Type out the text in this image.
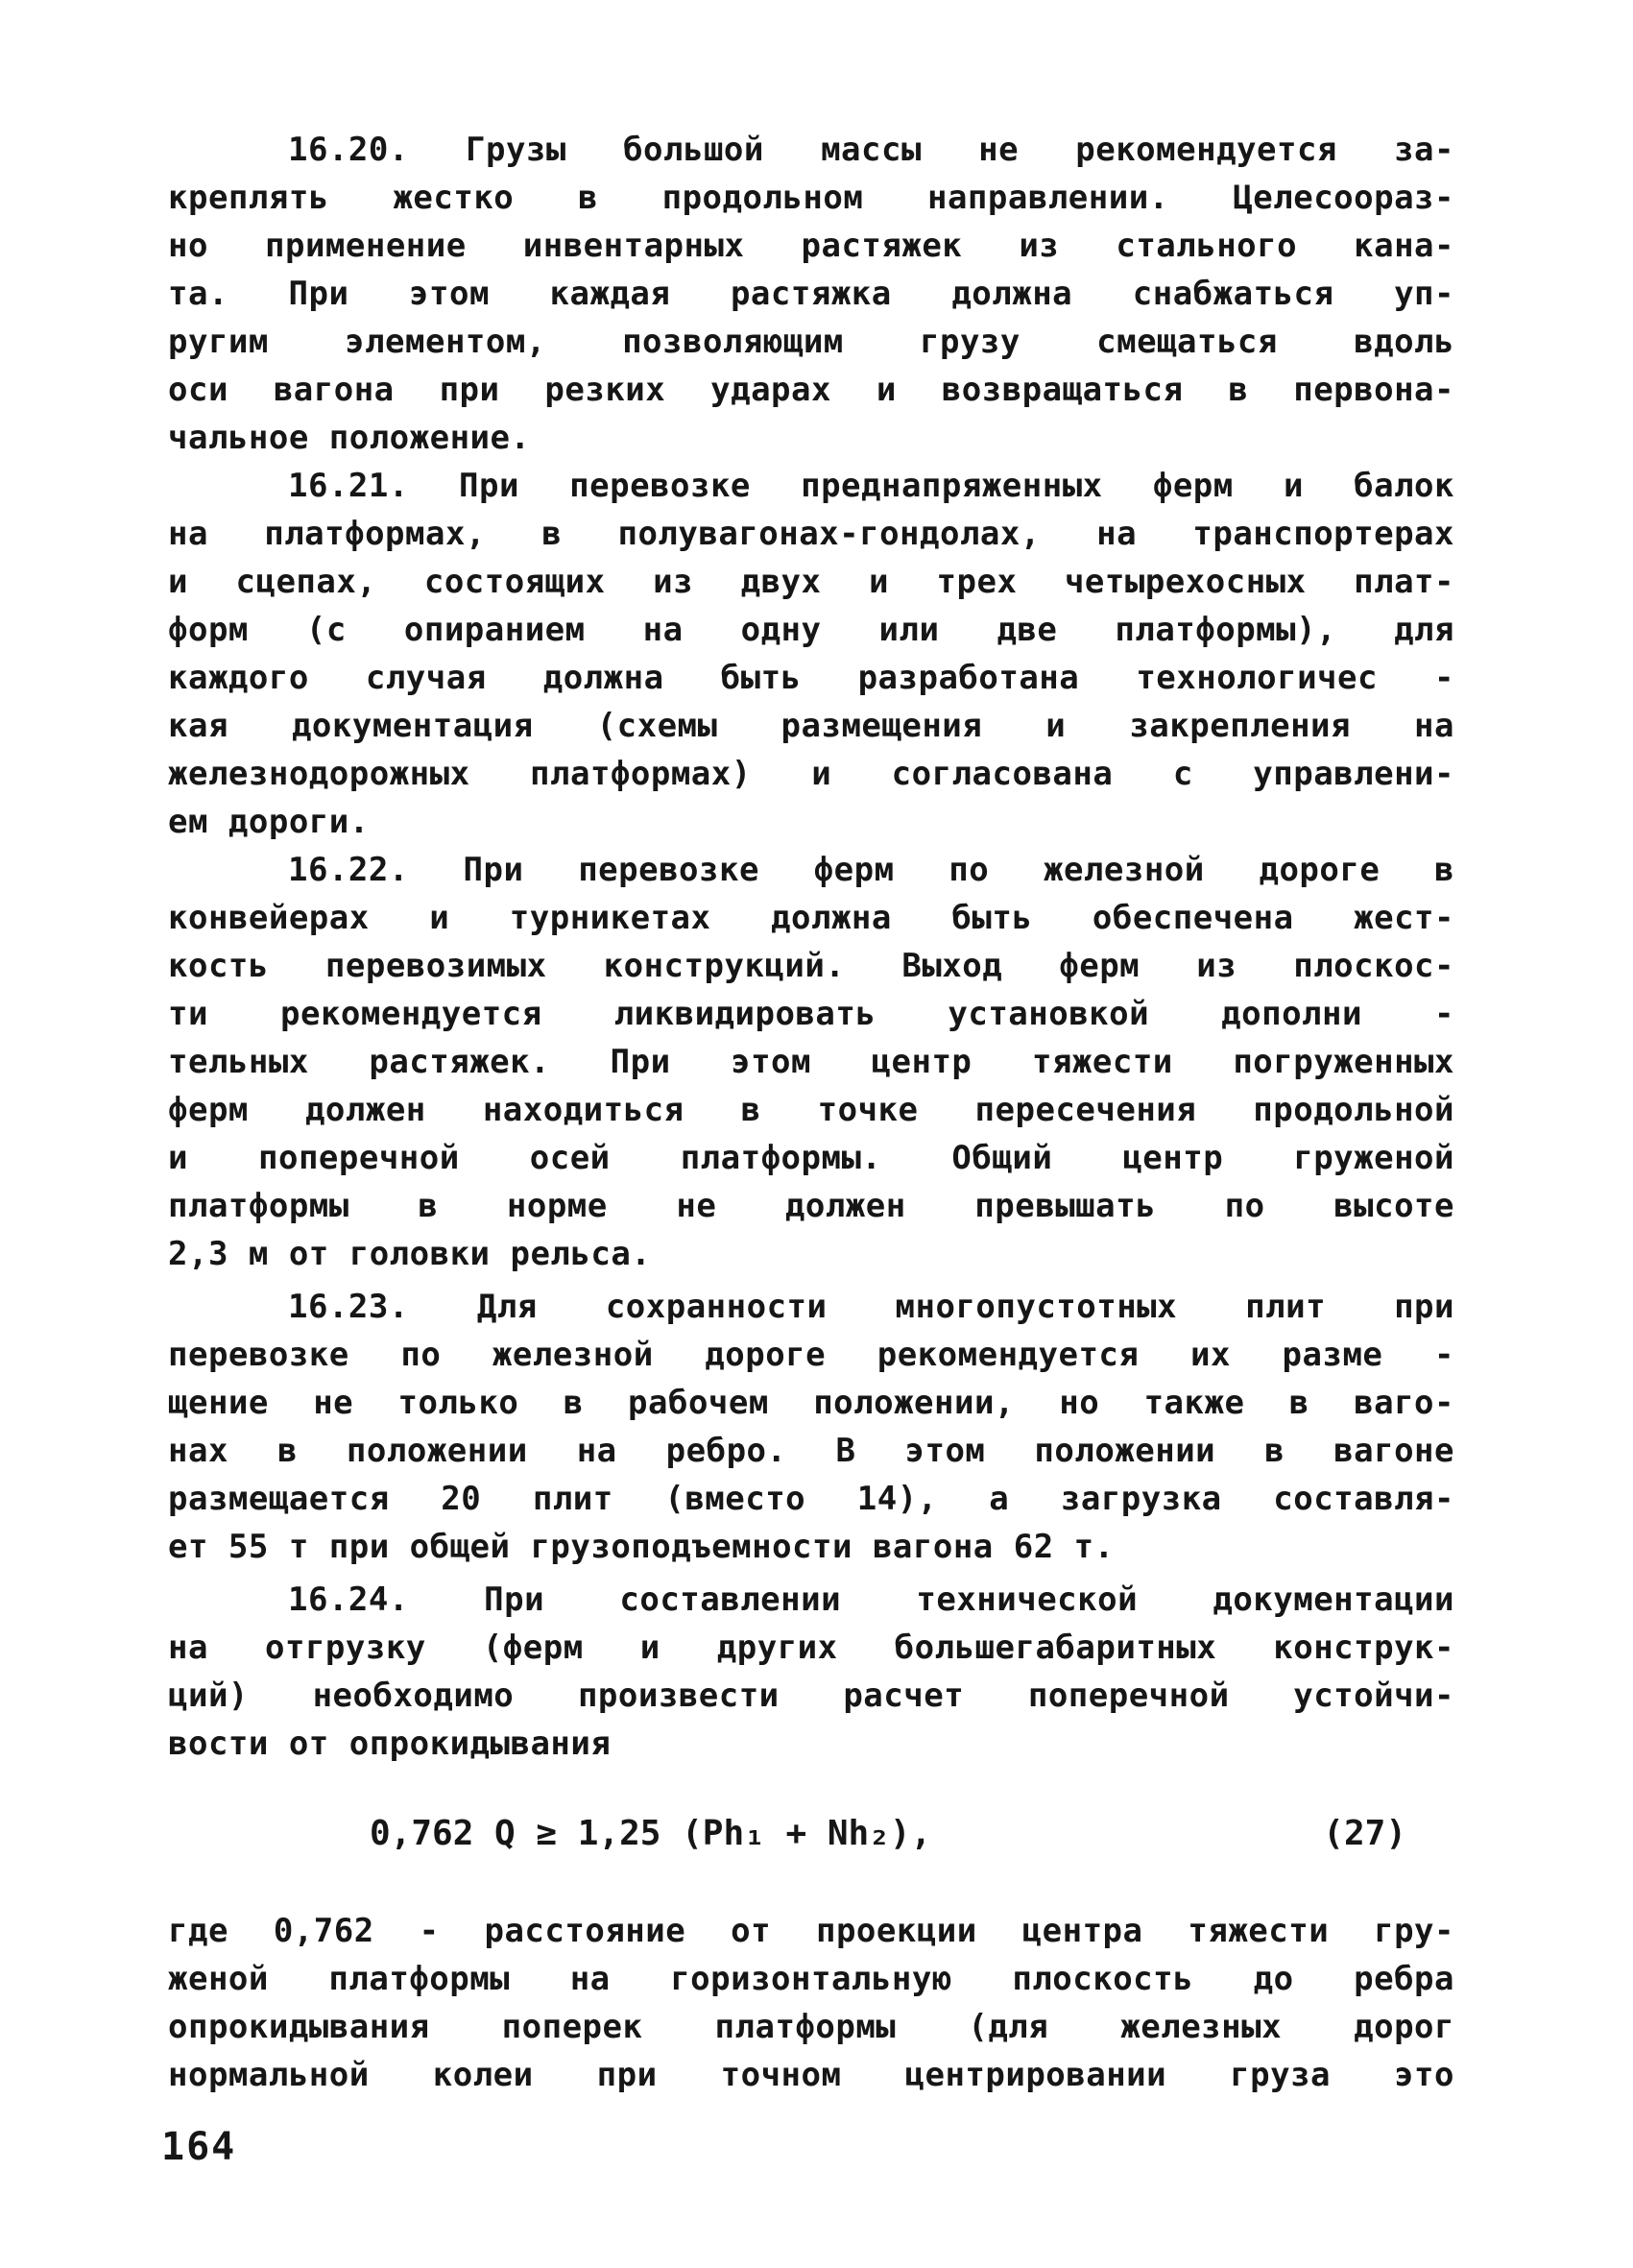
16.20. Грузы большой массы не рекомендуется за-
креплять жестко в продольном направлении. Целесоораз-
но применение инвентарных растяжек из стального кана-
та. При этом каждая растяжка должна снабжаться уп-
ругим элементом, позволяющим грузу смещаться вдоль
оси вагона при резких ударах и возвращаться в первона-
чальное положение.
16.21. При перевозке преднапряженных ферм и балок
на платформах, в полувагонах-гондолах, на транспортерах
и сцепах, состоящих из двух и трех четырехосных плат-
форм (с опиранием на одну или две платформы), для
каждого случая должна быть разработана технологичес -
кая документация (схемы размещения и закрепления на
железнодорожных платформах) и согласована с управлени-
ем дороги.
16.22. При перевозке ферм по железной дороге в
конвейерах и турникетах должна быть обеспечена жест-
кость перевозимых конструкций. Выход ферм из плоскос-
ти рекомендуется ликвидировать установкой дополни -
тельных растяжек. При этом центр тяжести погруженных
ферм должен находиться в точке пересечения продольной
и поперечной осей платформы. Общий центр груженой
платформы в норме не должен превышать по высоте
2,3 м от головки рельса.
16.23. Для сохранности многопустотных плит при
перевозке по железной дороге рекомендуется их разме -
щение не только в рабочем положении, но также в ваго-
нах в положении на ребро. В этом положении в вагоне
размещается 20 плит (вместо 14), а загрузка составля-
ет 55 т при общей грузоподъемности вагона 62 т.
16.24. При составлении технической документации
на отгрузку (ферм и других большегабаритных конструк-
ций) необходимо произвести расчет поперечной устойчи-
вости от опрокидывания
0,762 Q ≥ 1,25 (Ph₁ + Nh₂),	(27)
где 0,762 - расстояние от проекции центра тяжести гру-
женой платформы на горизонтальную плоскость до ребра
опрокидывания поперек платформы (для железных дорог
нормальной колеи при точном центрировании груза это
164
